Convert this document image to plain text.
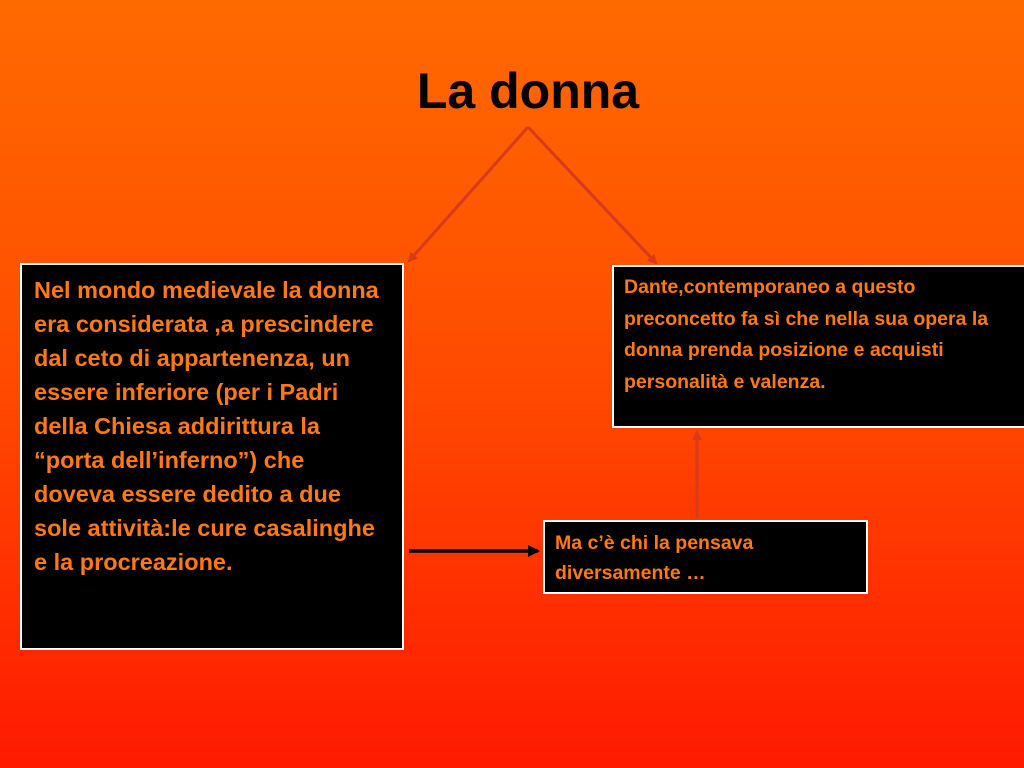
La donna
Nel mondo medievale la donna era considerata ,a prescindere dal ceto di appartenenza, un essere inferiore (per i Padri della Chiesa addirittura la “porta dell’inferno”) che doveva essere dedito a due sole attività:le cure casalinghe e la procreazione.
Dante,contemporaneo a questo preconcetto fa sì che nella sua opera la donna prenda posizione e acquisti personalità e valenza.
Ma c’è chi la pensava diversamente …
